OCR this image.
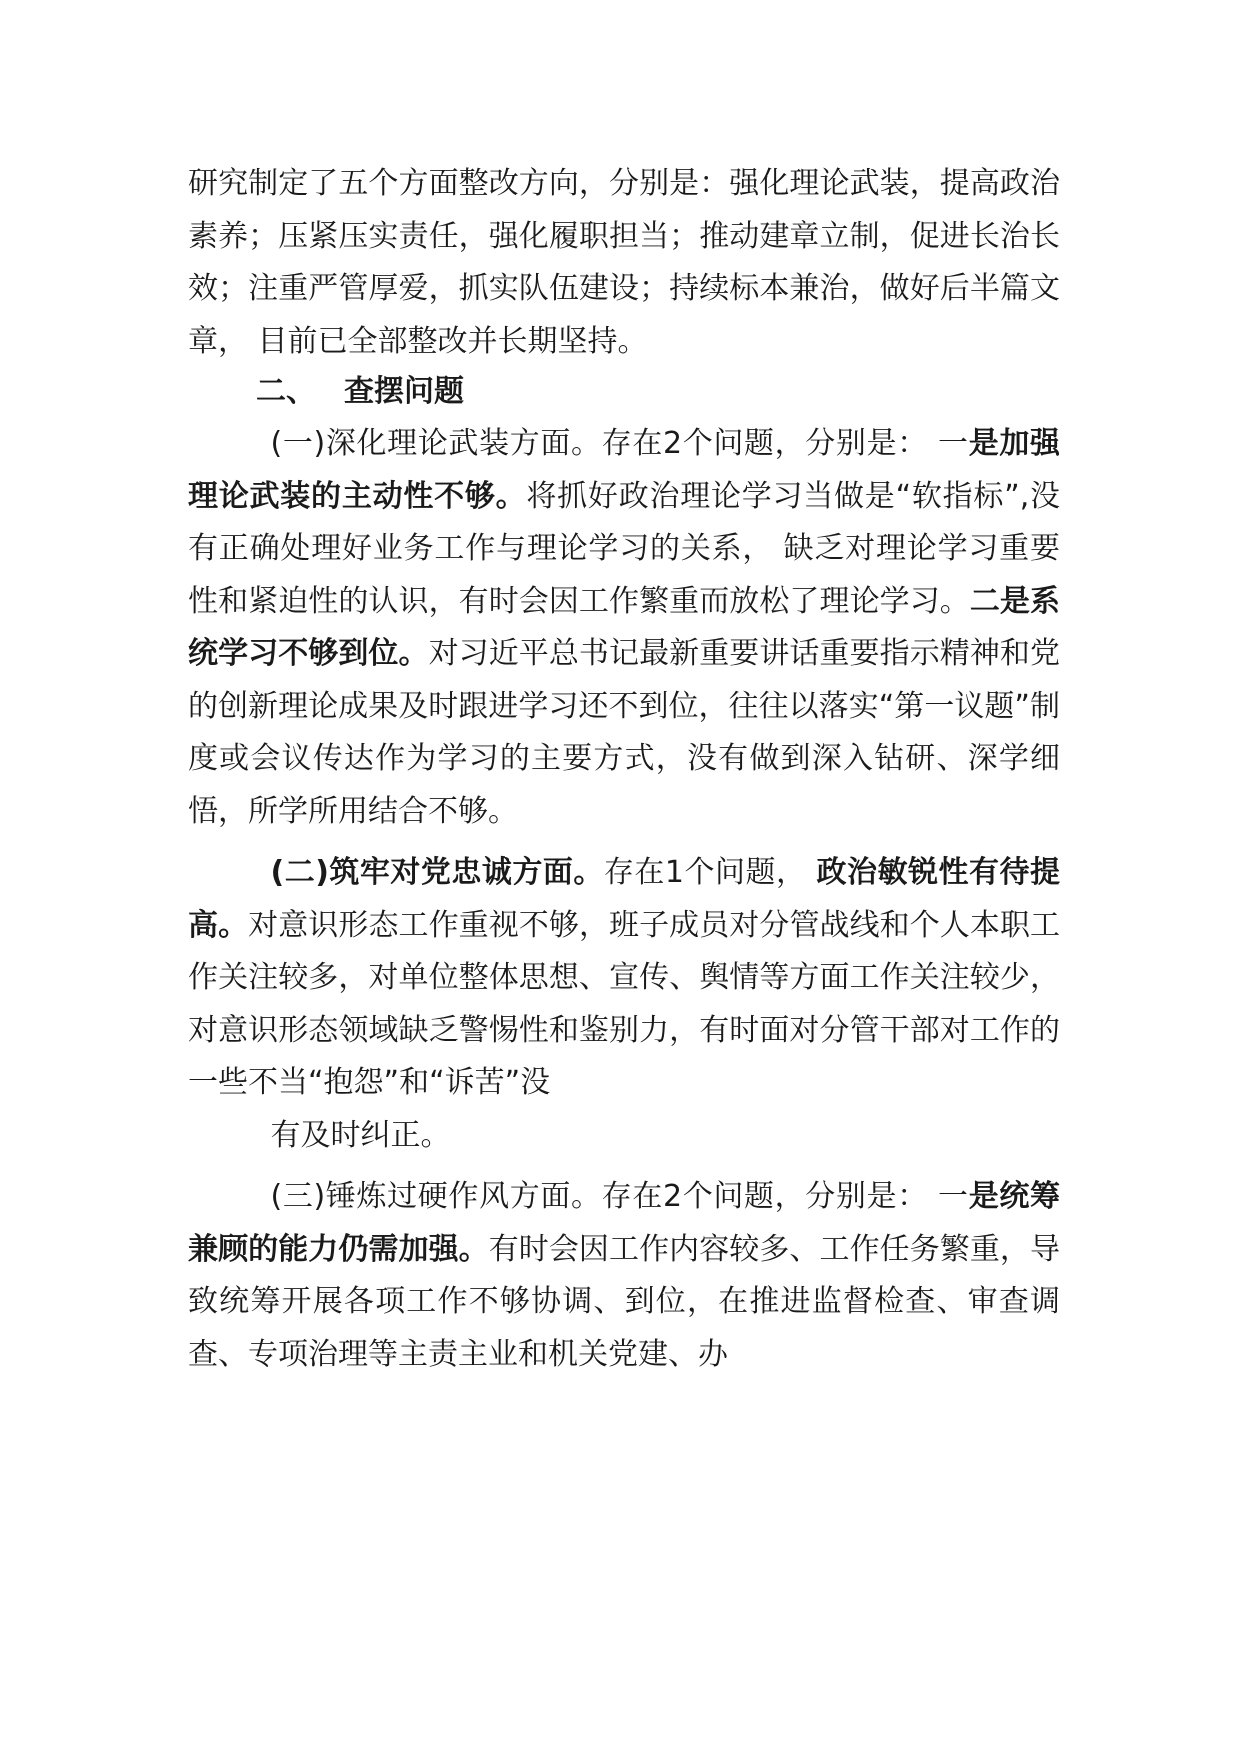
研究制定了五个方面整改方向，分别是：强化理论武装，提高政治素养；压紧压实责任，强化履职担当；推动建章立制，促进长治长效；注重严管厚爱，抓实队伍建设；持续标本兼治，做好后半篇文章， 目前已全部整改并长期坚持。

二、 查摆问题

(一)深化理论武装方面。存在2个问题，分别是： 一是加强理论武装的主动性不够。将抓好政治理论学习当做是“软指标”,没有正确处理好业务工作与理论学习的关系， 缺乏对理论学习重要性和紧迫性的认识，有时会因工作繁重而放松了理论学习。二是系统学习不够到位。对习近平总书记最新重要讲话重要指示精神和党的创新理论成果及时跟进学习还不到位，往往以落实“第一议题”制度或会议传达作为学习的主要方式，没有做到深入钻研、深学细悟，所学所用结合不够。

(二)筑牢对党忠诚方面。存在1个问题， 政治敏锐性有待提高。对意识形态工作重视不够，班子成员对分管战线和个人本职工作关注较多，对单位整体思想、宣传、舆情等方面工作关注较少，对意识形态领域缺乏警惕性和鉴别力，有时面对分管干部对工作的一些不当“抱怨”和“诉苦”没
有及时纠正。

(三)锤炼过硬作风方面。存在2个问题，分别是： 一是统筹兼顾的能力仍需加强。有时会因工作内容较多、工作任务繁重，导致统筹开展各项工作不够协调、到位，在推进监督检查、审查调查、专项治理等主责主业和机关党建、办
